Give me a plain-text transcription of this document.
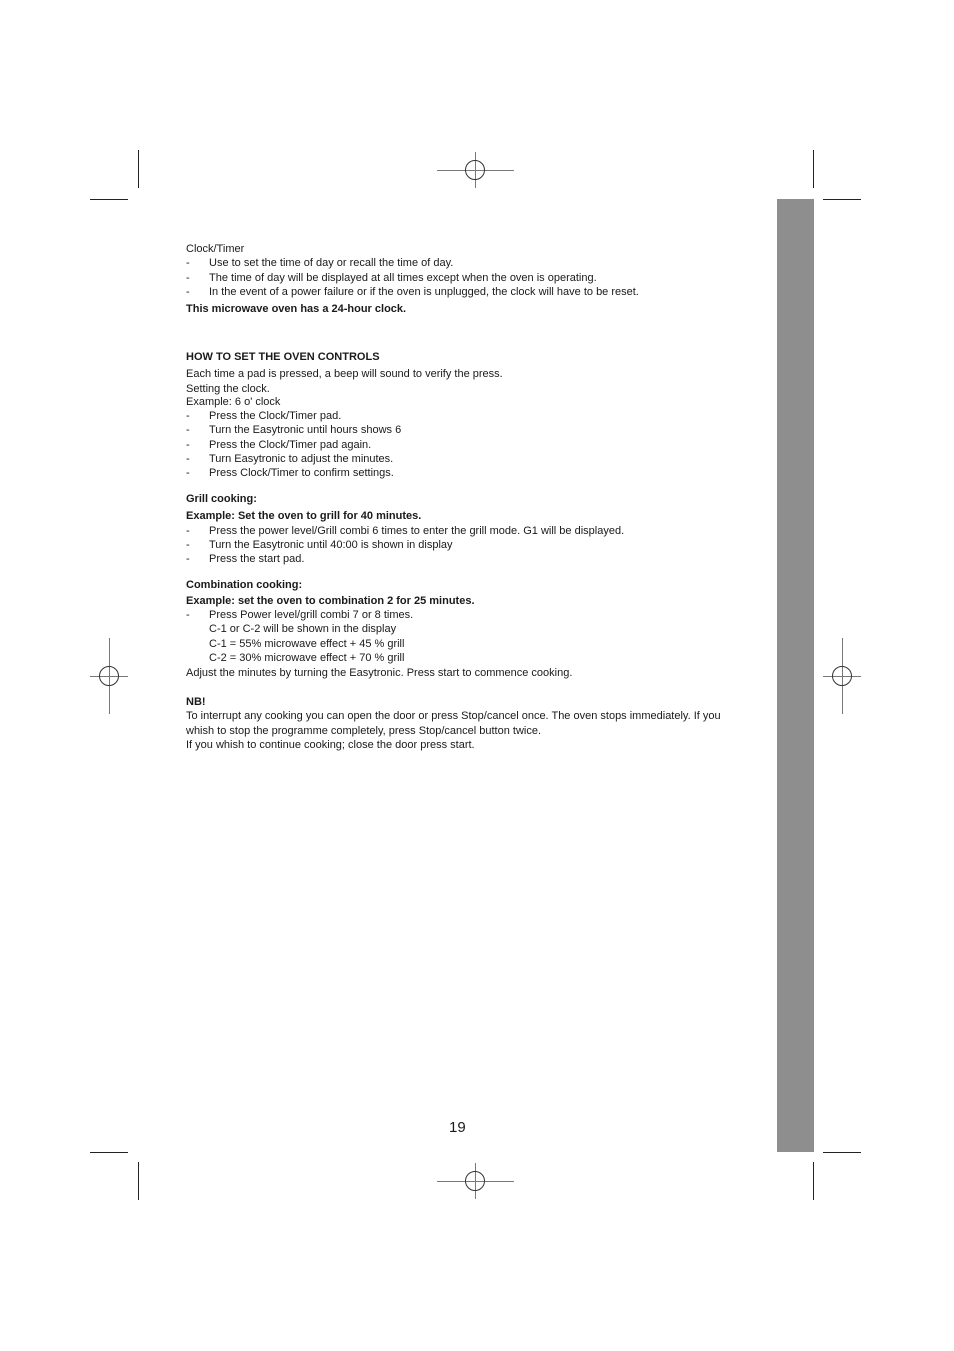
Clock/Timer

- Use to set the time of day or recall the time of day.
- The time of day will be displayed at all times except when the oven is operating.
- In the event of a power failure or if the oven is unplugged, the clock will have to be reset.

This microwave oven has a 24-hour clock.

HOW TO SET THE OVEN CONTROLS

Each time a pad is pressed, a beep will sound to verify the press.

Setting the clock.

Example: 6 o' clock

- Press the Clock/Timer pad.
- Turn the Easytronic until hours shows 6
- Press the Clock/Timer pad again.
- Turn Easytronic to adjust the minutes.
- Press Clock/Timer to confirm settings.

Grill cooking:

Example: Set the oven to grill for 40 minutes.

- Press the power level/Grill combi 6 times to enter the grill mode. G1 will be displayed.
- Turn the Easytronic until 40:00 is shown in display
- Press the start pad.

Combination cooking:

Example: set the oven to combination 2 for 25 minutes.

- Press Power level/grill combi 7 or 8 times.

C-1 or C-2 will be shown in the display

C-1 = 55% microwave effect + 45 % grill

C-2 = 30% microwave effect + 70 % grill

Adjust the minutes by turning the Easytronic. Press start to commence cooking.

NB!

To interrupt any cooking you can open the door or press Stop/cancel once. The oven stops immediately. If you whish to stop the programme completely, press Stop/cancel button twice.

If you whish to continue cooking; close the door press start.

19
